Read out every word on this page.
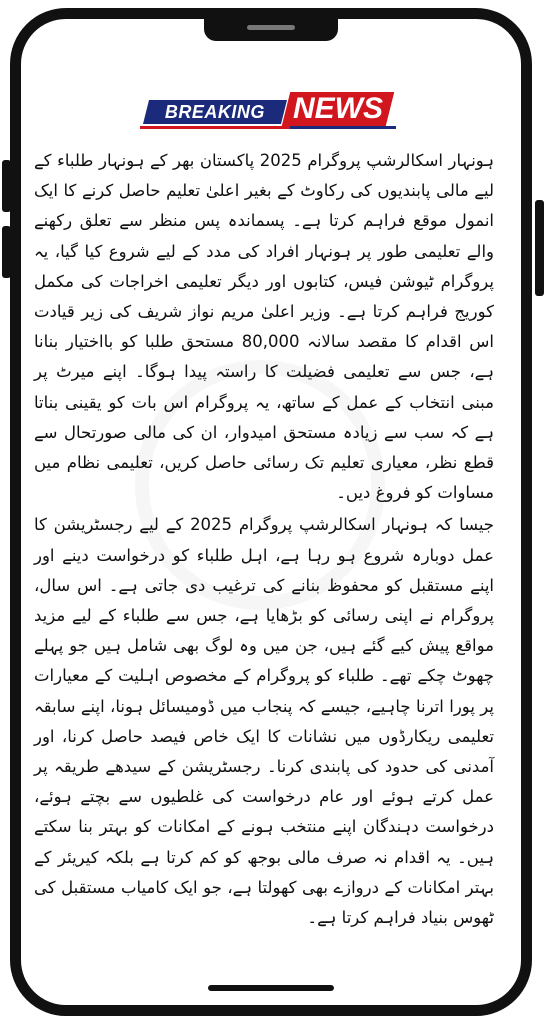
BREAKING NEWS

ہونہار اسکالرشپ پروگرام 2025 پاکستان بھر کے ہونہار طلباء کے لیے مالی پابندیوں کی رکاوٹ کے بغیر اعلیٰ تعلیم حاصل کرنے کا ایک انمول موقع فراہم کرتا ہے۔ پسماندہ پس منظر سے تعلق رکھنے والے تعلیمی طور پر ہونہار افراد کی مدد کے لیے شروع کیا گیا، یہ پروگرام ٹیوشن فیس، کتابوں اور دیگر تعلیمی اخراجات کی مکمل کوریج فراہم کرتا ہے۔ وزیر اعلیٰ مریم نواز شریف کی زیر قیادت اس اقدام کا مقصد سالانہ 80,000 مستحق طلبا کو بااختیار بنانا ہے، جس سے تعلیمی فضیلت کا راستہ پیدا ہوگا۔ اپنے میرٹ پر مبنی انتخاب کے عمل کے ساتھ، یہ پروگرام اس بات کو یقینی بناتا ہے کہ سب سے زیادہ مستحق امیدوار، ان کی مالی صورتحال سے قطع نظر، معیاری تعلیم تک رسائی حاصل کریں، تعلیمی نظام میں مساوات کو فروغ دیں۔

جیسا کہ ہونہار اسکالرشپ پروگرام 2025 کے لیے رجسٹریشن کا عمل دوبارہ شروع ہو رہا ہے، اہل طلباء کو درخواست دینے اور اپنے مستقبل کو محفوظ بنانے کی ترغیب دی جاتی ہے۔ اس سال، پروگرام نے اپنی رسائی کو بڑھایا ہے، جس سے طلباء کے لیے مزید مواقع پیش کیے گئے ہیں، جن میں وہ لوگ بھی شامل ہیں جو پہلے چھوٹ چکے تھے۔ طلباء کو پروگرام کے مخصوص اہلیت کے معیارات پر پورا اترنا چاہیے، جیسے کہ پنجاب میں ڈومیسائل ہونا، اپنے سابقہ تعلیمی ریکارڈوں میں نشانات کا ایک خاص فیصد حاصل کرنا، اور آمدنی کی حدود کی پابندی کرنا۔ رجسٹریشن کے سیدھے طریقہ پر عمل کرتے ہوئے اور عام درخواست کی غلطیوں سے بچتے ہوئے، درخواست دہندگان اپنے منتخب ہونے کے امکانات کو بہتر بنا سکتے ہیں۔ یہ اقدام نہ صرف مالی بوجھ کو کم کرتا ہے بلکہ کیریئر کے بہتر امکانات کے دروازے بھی کھولتا ہے، جو ایک کامیاب مستقبل کی ٹھوس بنیاد فراہم کرتا ہے۔
